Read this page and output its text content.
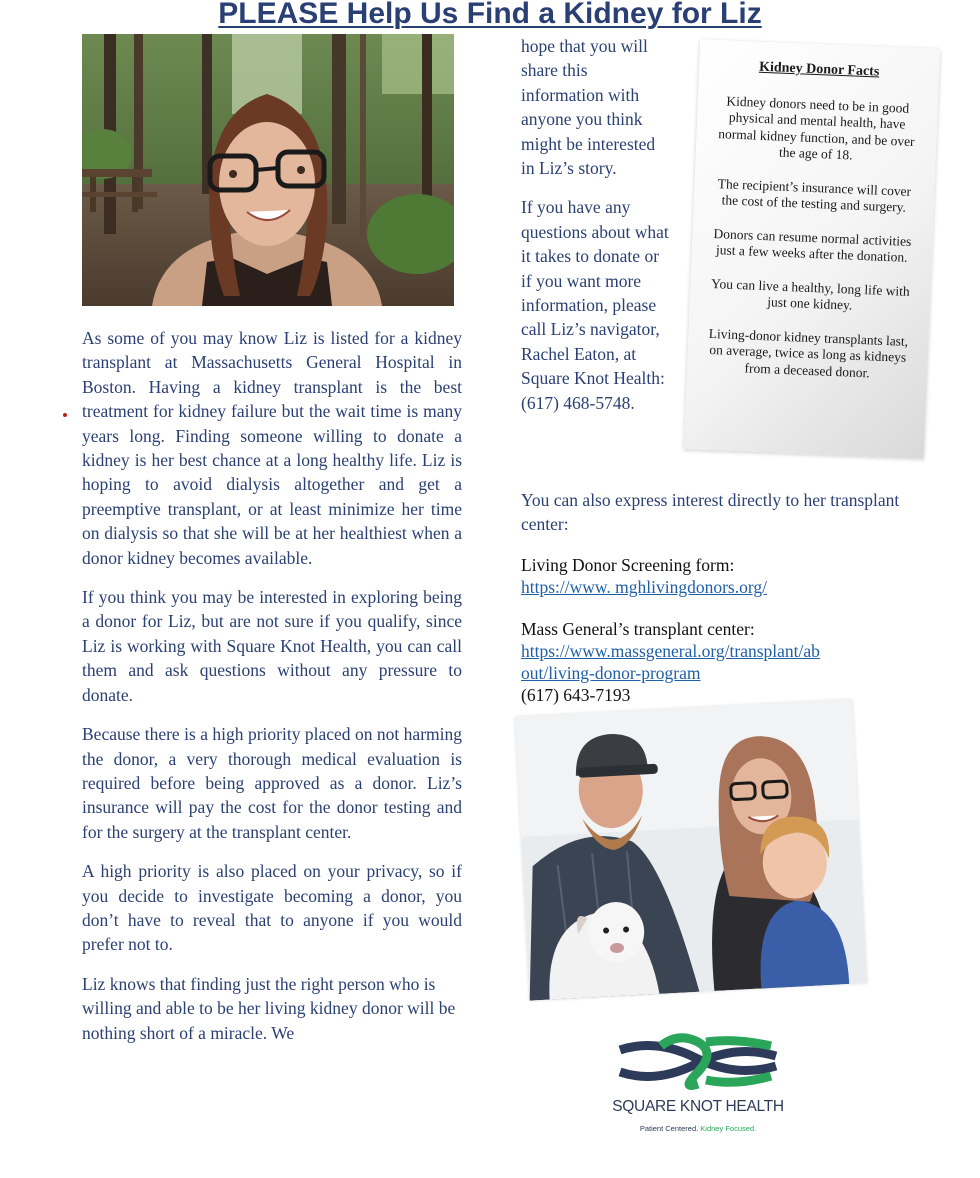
PLEASE Help Us Find a Kidney for Liz

As some of you may know Liz is listed for a kidney transplant at Massachusetts General Hospital in Boston. Having a kidney transplant is the best treatment for kidney failure but the wait time is many years long. Finding someone willing to donate a kidney is her best chance at a long healthy life. Liz is hoping to avoid dialysis altogether and get a preemptive transplant, or at least minimize her time on dialysis so that she will be at her healthiest when a donor kidney becomes available.

If you think you may be interested in exploring being a donor for Liz, but are not sure if you qualify, since Liz is working with Square Knot Health, you can call them and ask questions without any pressure to donate.

Because there is a high priority placed on not harming the donor, a very thorough medical evaluation is required before being approved as a donor. Liz’s insurance will pay the cost for the donor testing and for the surgery at the transplant center.

A high priority is also placed on your privacy, so if you decide to investigate becoming a donor, you don’t have to reveal that to anyone if you would prefer not to.

Liz knows that finding just the right person who is willing and able to be her living kidney donor will be nothing short of a miracle. We

hope that you will share this information with anyone you think might be interested in Liz’s story.

If you have any questions about what it takes to donate or if you want more information, please call Liz’s navigator, Rachel Eaton, at Square Knot Health: (617) 468-5748.

You can also express interest directly to her transplant center:
Kidney Donor Facts

Kidney donors need to be in good physical and mental health, have normal kidney function, and be over the age of 18.

The recipient’s insurance will cover the cost of the testing and surgery.

Donors can resume normal activities just a few weeks after the donation.

You can live a healthy, long life with just one kidney.

Living-donor kidney transplants last, on average, twice as long as kidneys from a deceased donor.

Living Donor Screening form:
https://www. mghlivingdonors.org/
Mass General’s transplant center:
https://www.massgeneral.org/transplant/ab
out/living-donor-program
(617) 643-7193
SQUARE KNOT HEALTH
Patient Centered. Kidney Focused.
